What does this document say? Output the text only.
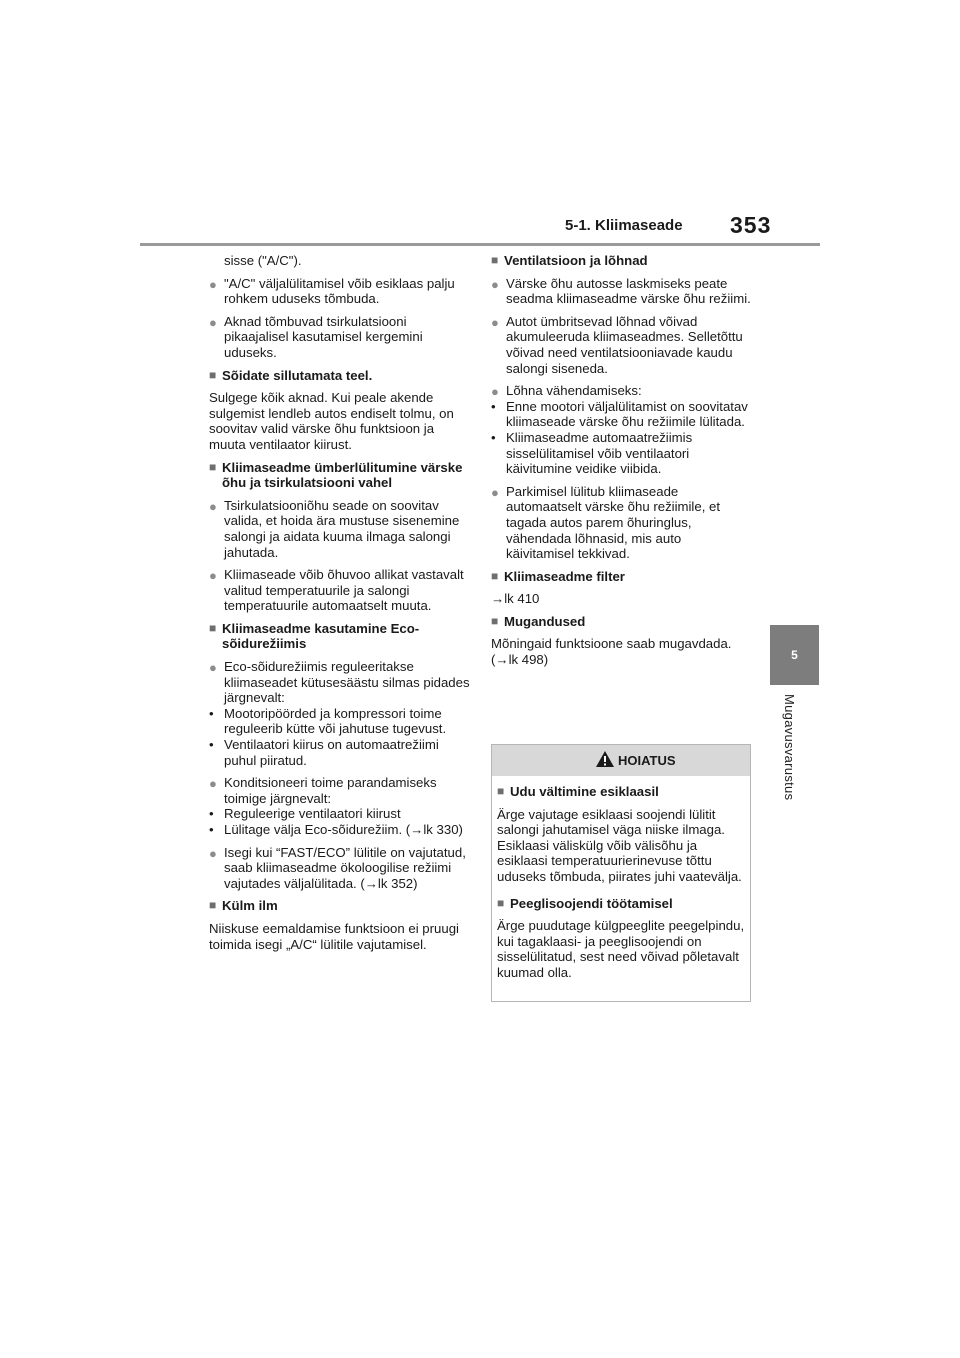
5-1. Kliimaseade 353
5
Mugavusvarustus
sisse ("A/C").
● "A/C" väljalülitamisel võib esiklaas palju rohkem uduseks tõmbuda.
● Aknad tõmbuvad tsirkulatsiooni pikaajalisel kasutamisel kergemini uduseks.
■ Sõidate sillutamata teel.
Sulgege kõik aknad. Kui peale akende sulgemist lendleb autos endiselt tolmu, on soovitav valid värske õhu funktsioon ja muuta ventilaator kiirust.
■ Kliimaseadme ümberlülitumine värske õhu ja tsirkulatsiooni vahel
● Tsirkulatsiooniõhu seade on soovitav valida, et hoida ära mustuse sisenemine salongi ja aidata kuuma ilmaga salongi jahutada.
● Kliimaseade võib õhuvoo allikat vastavalt valitud temperatuurile ja salongi temperatuurile automaatselt muuta.
■ Kliimaseadme kasutamine Eco-sõidurežiimis
● Eco-sõidurežiimis reguleeritakse kliimaseadet kütusesäästu silmas pidades järgnevalt:
• Mootoripöörded ja kompressori toime reguleerib kütte või jahutuse tugevust.
• Ventilaatori kiirus on automaatrežiimi puhul piiratud.
● Konditsioneeri toime parandamiseks toimige järgnevalt:
• Reguleerige ventilaatori kiirust
• Lülitage välja Eco-sõidurežiim. (→lk 330)
● Isegi kui “FAST/ECO” lülitile on vajutatud, saab kliimaseadme ökoloogilise režiimi vajutades väljalülitada. (→lk 352)
■ Külm ilm
Niiskuse eemaldamise funktsioon ei pruugi toimida isegi „A/C“ lülitile vajutamisel.
■ Ventilatsioon ja lõhnad
● Värske õhu autosse laskmiseks peate seadma kliimaseadme värske õhu režiimi.
● Autot ümbritsevad lõhnad võivad akumuleeruda kliimaseadmes. Selletõttu võivad need ventilatsiooniavade kaudu salongi siseneda.
● Lõhna vähendamiseks:
• Enne mootori väljalülitamist on soovitatav kliimaseade värske õhu režiimile lülitada.
• Kliimaseadme automaatrežiimis sisselülitamisel võib ventilaatori käivitumine veidike viibida.
● Parkimisel lülitub kliimaseade automaatselt värske õhu režiimile, et tagada autos parem õhuringlus, vähendada lõhnasid, mis auto käivitamisel tekkivad.
■ Kliimaseadme filter
→lk 410
■ Mugandused
Mõningaid funktsioone saab mugavdada. (→lk 498)
HOIATUS
■ Udu vältimine esiklaasil
Ärge vajutage esiklaasi soojendi lülitit salongi jahutamisel väga niiske ilmaga. Esiklaasi väliskülg võib välisõhu ja esiklaasi temperatuurierinevuse tõttu uduseks tõmbuda, piirates juhi vaatevälja.
■ Peeglisoojendi töötamisel
Ärge puudutage külgpeeglite peegelpindu, kui tagaklaasi- ja peeglisoojendi on sisselülitatud, sest need võivad põletavalt kuumad olla.
